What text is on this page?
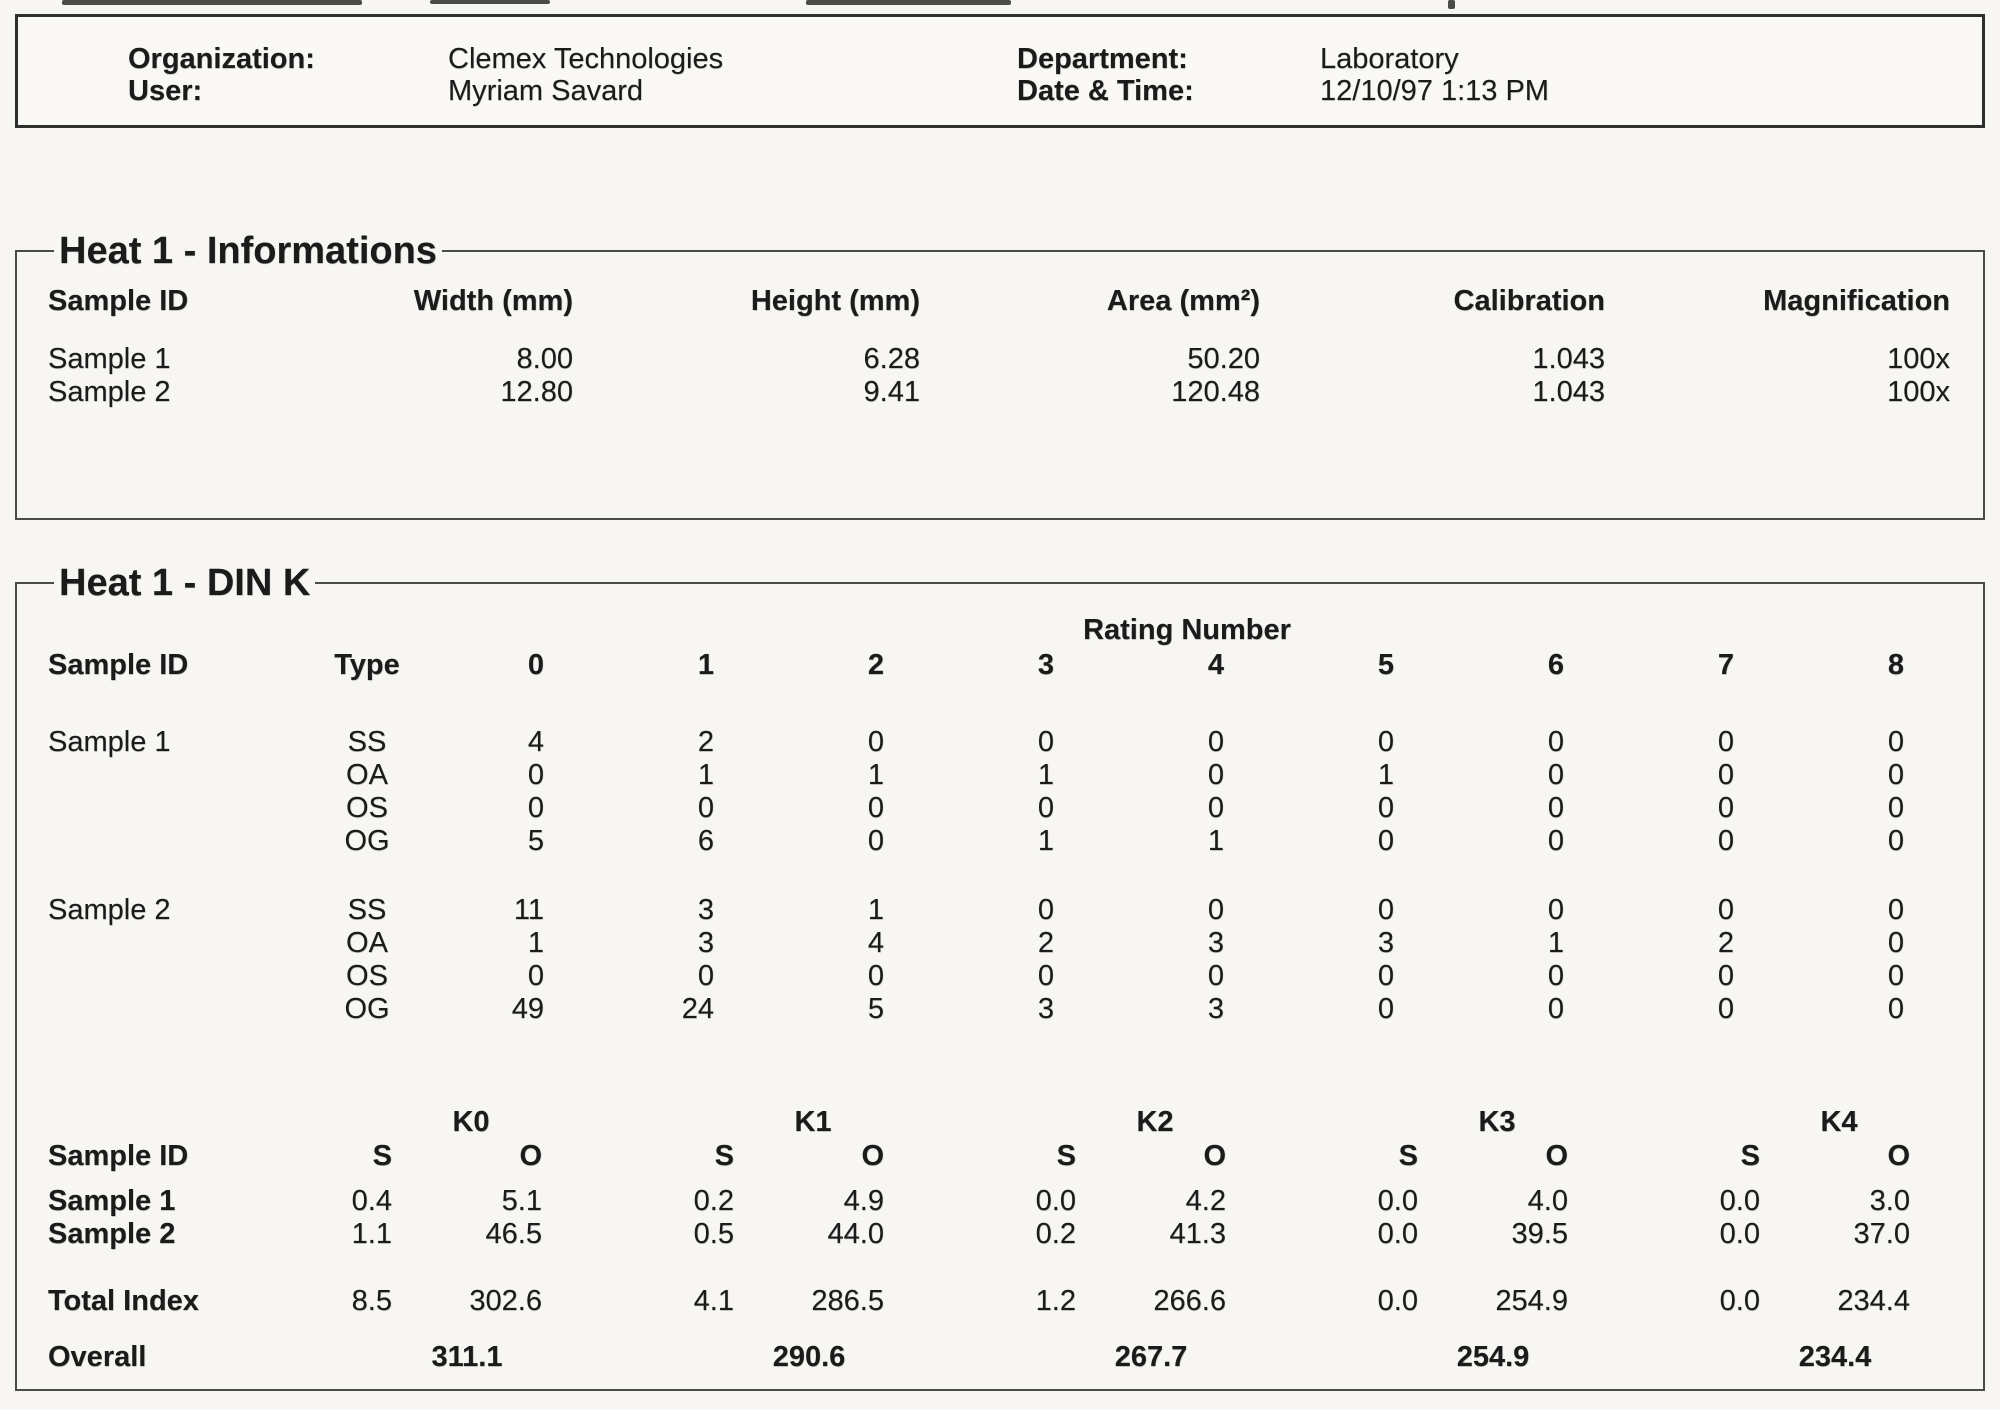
Organization:	Clemex Technologies	Department:	Laboratory
User:	Myriam Savard	Date & Time:	12/10/97 1:13 PM
Heat 1 - Informations
Sample ID	Width (mm)	Height (mm)	Area (mm²)	Calibration	Magnification

Sample 1	8.00	6.28	50.20	1.043	100x
Sample 2	12.80	9.41	120.48	1.043	100x
Heat 1 - DIN K

						Rating Number				

Sample ID	Type	0	1	2	3	4	5	6	7	8

Sample 1	SS	4	2	0	0	0	0	0	0	0
	OA	0	1	1	1	0	1	0	0	0
	OS	0	0	0	0	0	0	0	0	0
	OG	5	6	0	1	1	0	0	0	0

Sample 2	SS	11	3	1	0	0	0	0	0	0
	OA	1	3	4	2	3	3	1	2	0
	OS	0	0	0	0	0	0	0	0	0
	OG	49	24	5	3	3	0	0	0	0
		K0		K1		K2		K3		K4
Sample ID	S	O	S	O	S	O	S	O	S	O

Sample 1	0.4	5.1	0.2	4.9	0.0	4.2	0.0	4.0	0.0	3.0
Sample 2	1.1	46.5	0.5	44.0	0.2	41.3	0.0	39.5	0.0	37.0

Total Index	8.5	302.6	4.1	286.5	1.2	266.6	0.0	254.9	0.0	234.4

Overall		311.1		290.6		267.7		254.9		234.4
